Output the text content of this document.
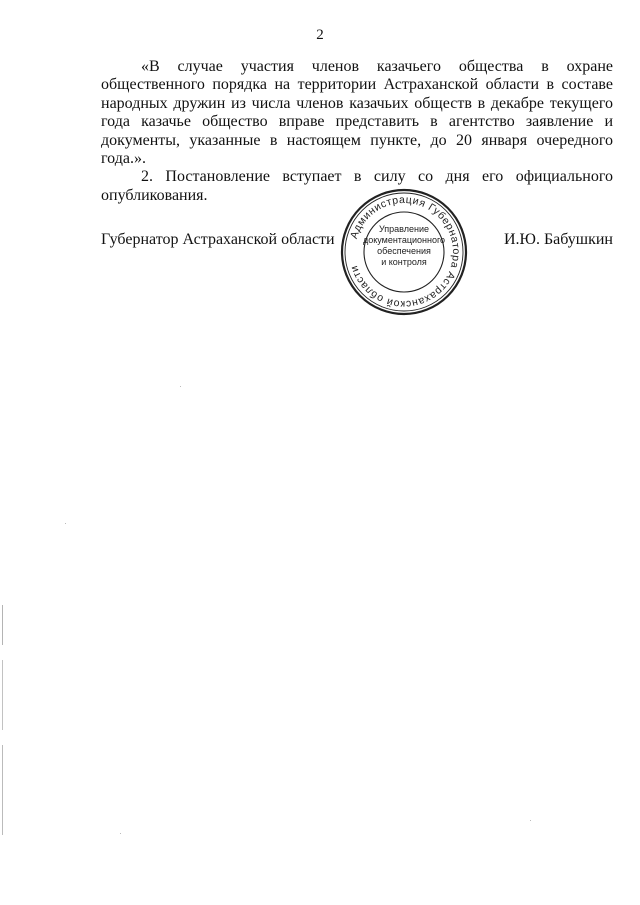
2

«В случае участия членов казачьего общества в охране общественного порядка на территории Астраханской области в составе народных дружин из числа членов казачьих обществ в декабре текущего года казачье общество вправе представить в агентство заявление и документы, указанные в настоящем пункте, до 20 января очередного года.».

2. Постановление вступает в силу со дня его официального опубликования.

Губернатор Астраханской области	И.Ю. Бабушкин
Администрация Губернатора Астраханской области
Управление
документационного
обеспечения
и контроля
